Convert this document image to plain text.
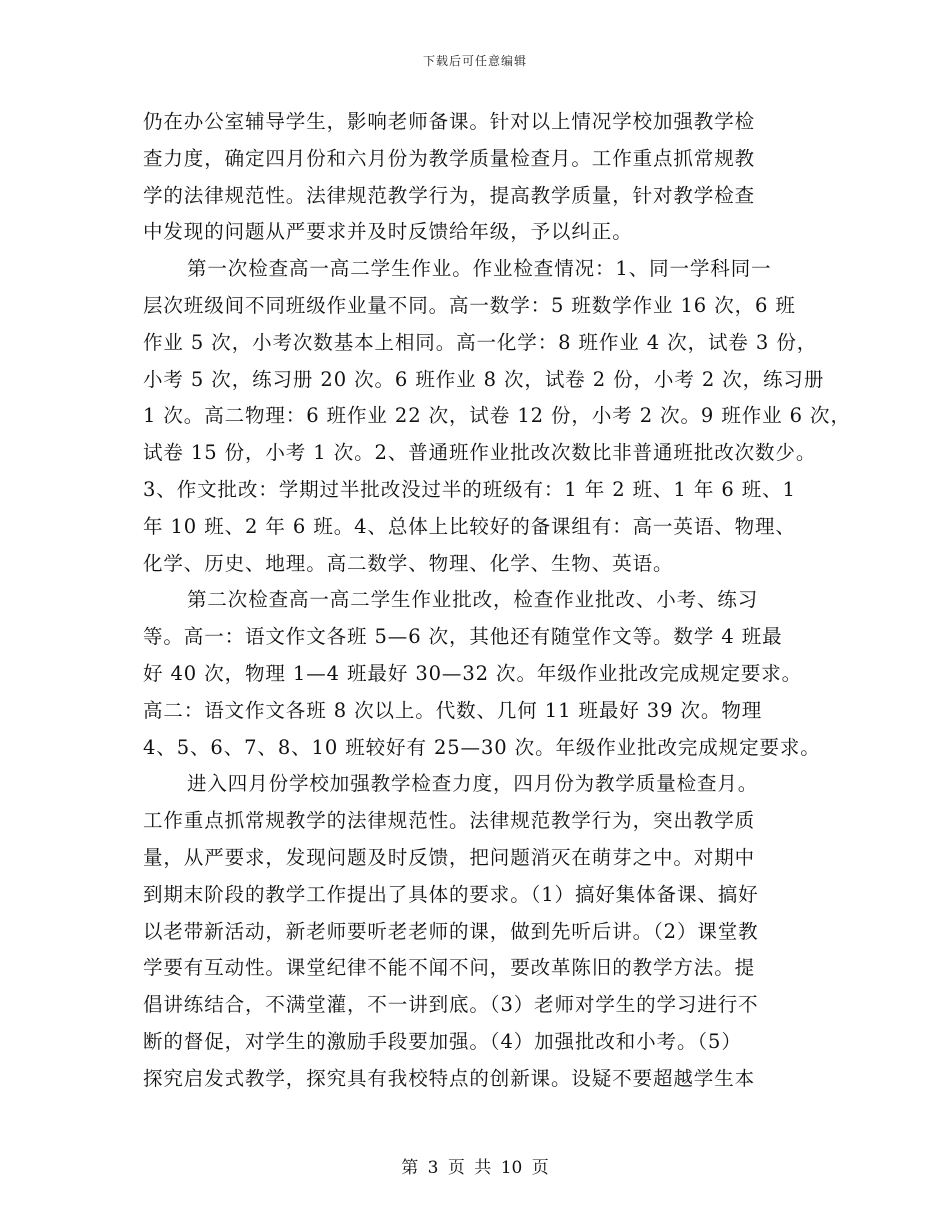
下载后可任意编辑
仍在办公室辅导学生，影响老师备课。针对以上情况学校加强教学检
查力度，确定四月份和六月份为教学质量检查月。工作重点抓常规教
学的法律规范性。法律规范教学行为，提高教学质量，针对教学检查
中发现的问题从严要求并及时反馈给年级，予以纠正。
第一次检查高一高二学生作业。作业检查情况：1、同一学科同一
层次班级间不同班级作业量不同。高一数学：5 班数学作业 16 次，6 班
作业 5 次，小考次数基本上相同。高一化学：8 班作业 4 次，试卷 3 份，
小考 5 次，练习册 20 次。6 班作业 8 次，试卷 2 份，小考 2 次，练习册
1 次。高二物理：6 班作业 22 次，试卷 12 份，小考 2 次。9 班作业 6 次，
试卷 15 份，小考 1 次。2、普通班作业批改次数比非普通班批改次数少。
3、作文批改：学期过半批改没过半的班级有：1 年 2 班、1 年 6 班、1
年 10 班、2 年 6 班。4、总体上比较好的备课组有：高一英语、物理、
化学、历史、地理。高二数学、物理、化学、生物、英语。
第二次检查高一高二学生作业批改，检查作业批改、小考、练习
等。高一：语文作文各班 5—6 次，其他还有随堂作文等。数学 4 班最
好 40 次，物理 1—4 班最好 30—32 次。年级作业批改完成规定要求。
高二：语文作文各班 8 次以上。代数、几何 11 班最好 39 次。物理
4、5、6、7、8、10 班较好有 25—30 次。年级作业批改完成规定要求。
进入四月份学校加强教学检查力度，四月份为教学质量检查月。
工作重点抓常规教学的法律规范性。法律规范教学行为，突出教学质
量，从严要求，发现问题及时反馈，把问题消灭在萌芽之中。对期中
到期末阶段的教学工作提出了具体的要求。（1）搞好集体备课、搞好
以老带新活动，新老师要听老老师的课，做到先听后讲。（2）课堂教
学要有互动性。课堂纪律不能不闻不问，要改革陈旧的教学方法。提
倡讲练结合，不满堂灌，不一讲到底。（3）老师对学生的学习进行不
断的督促，对学生的激励手段要加强。（4）加强批改和小考。（5）
探究启发式教学，探究具有我校特点的创新课。设疑不要超越学生本
第 3 页 共 10 页
